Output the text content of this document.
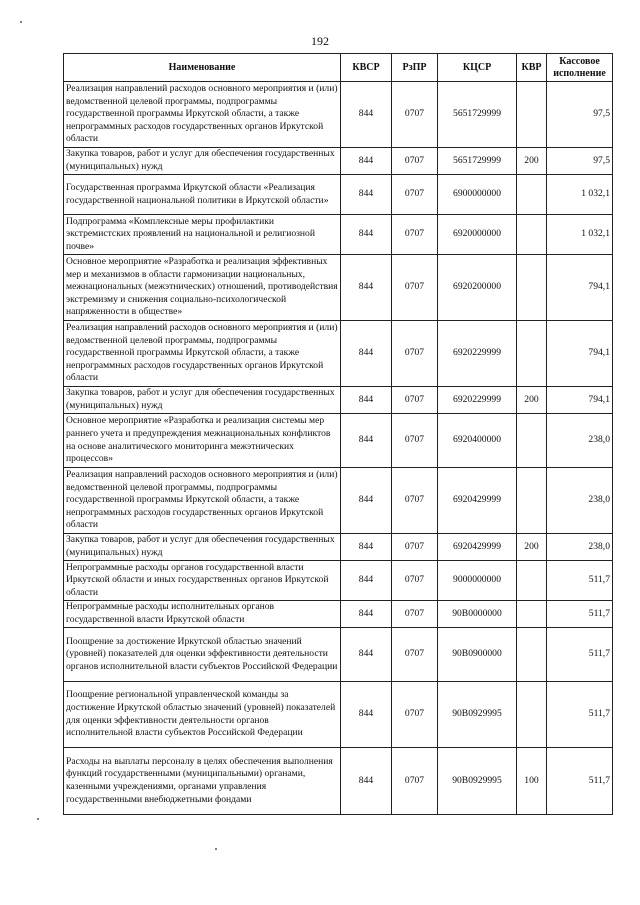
192
Наименование	КВСР	РзПР	КЦСР	КВР	Кассовое исполнение
Реализация направлений расходов основного мероприятия и (или) ведомственной целевой программы, подпрограммы государственной программы Иркутской области, а также непрограммных расходов государственных органов Иркутской области	844	0707	5651729999		97,5
Закупка товаров, работ и услуг для обеспечения государственных (муниципальных) нужд	844	0707	5651729999	200	97,5
Государственная программа Иркутской области «Реализация государственной национальной политики в Иркутской области»	844	0707	6900000000		1 032,1
Подпрограмма «Комплексные меры профилактики экстремистских проявлений на национальной и религиозной почве»	844	0707	6920000000		1 032,1
Основное мероприятие «Разработка и реализация эффективных мер и механизмов в области гармонизации национальных, межнациональных (межэтнических) отношений, противодействия экстремизму и снижения социально-психологической напряженности в обществе»	844	0707	6920200000		794,1
Реализация направлений расходов основного мероприятия и (или) ведомственной целевой программы, подпрограммы государственной программы Иркутской области, а также непрограммных расходов государственных органов Иркутской области	844	0707	6920229999		794,1
Закупка товаров, работ и услуг для обеспечения государственных (муниципальных) нужд	844	0707	6920229999	200	794,1
Основное мероприятие «Разработка и реализация системы мер раннего учета и предупреждения межнациональных конфликтов на основе аналитического мониторинга межэтнических процессов»	844	0707	6920400000		238,0
Реализация направлений расходов основного мероприятия и (или) ведомственной целевой программы, подпрограммы государственной программы Иркутской области, а также непрограммных расходов государственных органов Иркутской области	844	0707	6920429999		238,0
Закупка товаров, работ и услуг для обеспечения государственных (муниципальных) нужд	844	0707	6920429999	200	238,0
Непрограммные расходы органов государственной власти Иркутской области и иных государственных органов Иркутской области	844	0707	9000000000		511,7
Непрограммные расходы исполнительных органов государственной власти Иркутской области	844	0707	90В0000000		511,7
Поощрение за достижение Иркутской областью значений (уровней) показателей для оценки эффективности деятельности органов исполнительной власти субъектов Российской Федерации	844	0707	90В0900000		511,7
Поощрение региональной управленческой команды за достижение Иркутской областью значений (уровней) показателей для оценки эффективности деятельности органов исполнительной власти субъектов Российской Федерации	844	0707	90В0929995		511,7
Расходы на выплаты персоналу в целях обеспечения выполнения функций государственными (муниципальными) органами, казенными учреждениями, органами управления государственными внебюджетными фондами	844	0707	90В0929995	100	511,7
